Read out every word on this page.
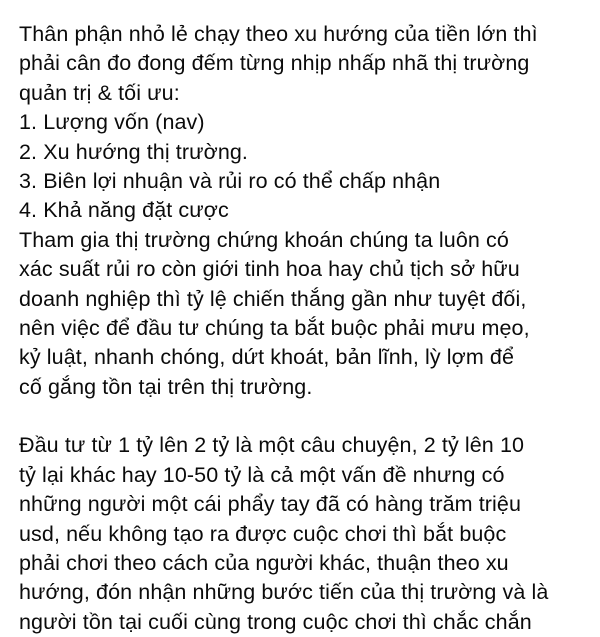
Thân phận nhỏ lẻ chạy theo xu hướng của tiền lớn thì
phải cân đo đong đếm từng nhịp nhấp nhã thị trường
quản trị & tối ưu:
1. Lượng vốn (nav)
2. Xu hướng thị trường.
3. Biên lợi nhuận và rủi ro có thể chấp nhận
4. Khả năng đặt cược
Tham gia thị trường chứng khoán chúng ta luôn có
xác suất rủi ro còn giới tinh hoa hay chủ tịch sở hữu
doanh nghiệp thì tỷ lệ chiến thắng gần như tuyệt đối,
nên việc để đầu tư chúng ta bắt buộc phải mưu mẹo,
kỷ luật, nhanh chóng, dứt khoát, bản lĩnh, lỳ lợm để
cố gắng tồn tại trên thị trường.
Đầu tư từ 1 tỷ lên 2 tỷ là một câu chuyện, 2 tỷ lên 10
tỷ lại khác hay 10-50 tỷ là cả một vấn đề nhưng có
những người một cái phẩy tay đã có hàng trăm triệu
usd, nếu không tạo ra được cuộc chơi thì bắt buộc
phải chơi theo cách của người khác, thuận theo xu
hướng, đón nhận những bước tiến của thị trường và là
người tồn tại cuối cùng trong cuộc chơi thì chắc chắn
